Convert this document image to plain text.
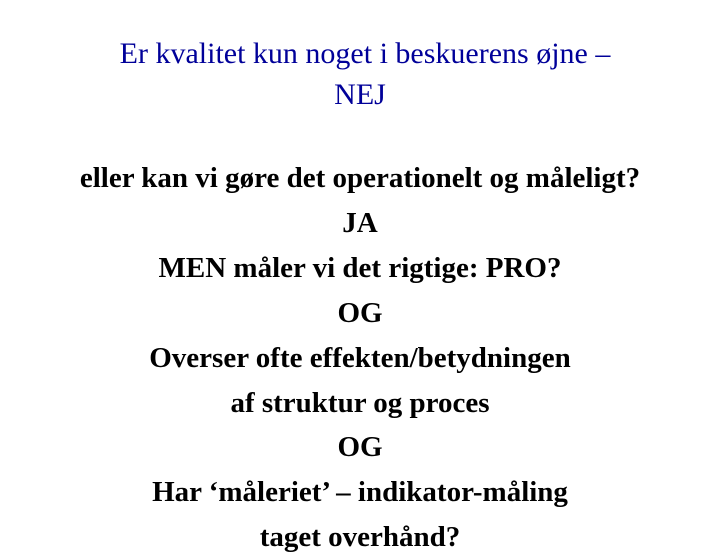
Er kvalitet kun noget i beskuerens øjne –
NEJ
eller kan vi gøre det operationelt og måleligt?
JA
MEN måler vi det rigtige: PRO?
OG
Overser ofte effekten/betydningen
af struktur og proces
OG
Har ‘måleriet’ – indikator-måling
taget overhånd?
